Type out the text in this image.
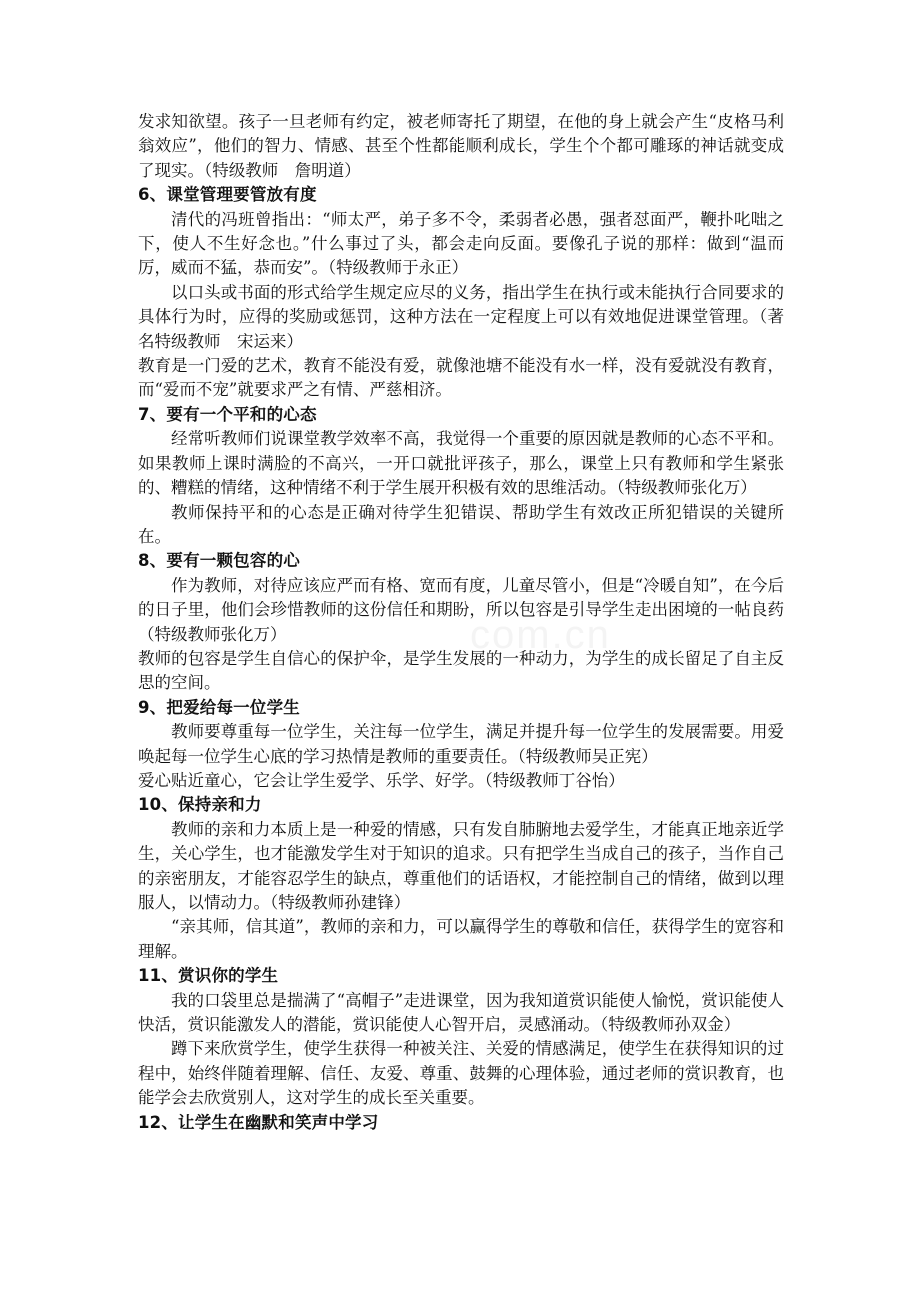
com.cn

发求知欲望。孩子一旦老师有约定，被老师寄托了期望，在他的身上就会产生“皮格马利翁效应”，他们的智力、情感、甚至个性都能顺利成长，学生个个都可雕琢的神话就变成了现实。（特级教师　詹明道）

6、课堂管理要管放有度

清代的冯班曾指出：“师太严，弟子多不令，柔弱者必愚，强者怼面严，鞭扑叱咄之下，使人不生好念也。”什么事过了头，都会走向反面。要像孔子说的那样：做到“温而厉，威而不猛，恭而安”。（特级教师于永正）

以口头或书面的形式给学生规定应尽的义务，指出学生在执行或未能执行合同要求的具体行为时，应得的奖励或惩罚，这种方法在一定程度上可以有效地促进课堂管理。（著名特级教师　宋运来）

教育是一门爱的艺术，教育不能没有爱，就像池塘不能没有水一样，没有爱就没有教育，而“爱而不宠”就要求严之有情、严慈相济。

7、要有一个平和的心态

经常听教师们说课堂教学效率不高，我觉得一个重要的原因就是教师的心态不平和。如果教师上课时满脸的不高兴，一开口就批评孩子，那么，课堂上只有教师和学生紧张的、糟糕的情绪，这种情绪不利于学生展开积极有效的思维活动。（特级教师张化万）

教师保持平和的心态是正确对待学生犯错误、帮助学生有效改正所犯错误的关键所在。

8、要有一颗包容的心

作为教师，对待应该应严而有格、宽而有度，儿童尽管小，但是“冷暖自知”，在今后的日子里，他们会珍惜教师的这份信任和期盼，所以包容是引导学生走出困境的一帖良药（特级教师张化万）

教师的包容是学生自信心的保护伞，是学生发展的一种动力，为学生的成长留足了自主反思的空间。

9、把爱给每一位学生

教师要尊重每一位学生，关注每一位学生，满足并提升每一位学生的发展需要。用爱唤起每一位学生心底的学习热情是教师的重要责任。（特级教师吴正宪）

爱心贴近童心，它会让学生爱学、乐学、好学。（特级教师丁谷怡）

10、保持亲和力

教师的亲和力本质上是一种爱的情感，只有发自肺腑地去爱学生，才能真正地亲近学生，关心学生，也才能激发学生对于知识的追求。只有把学生当成自己的孩子，当作自己的亲密朋友，才能容忍学生的缺点，尊重他们的话语权，才能控制自己的情绪，做到以理服人，以情动力。（特级教师孙建锋）

“亲其师，信其道”，教师的亲和力，可以赢得学生的尊敬和信任，获得学生的宽容和理解。

11、赏识你的学生

我的口袋里总是揣满了“高帽子”走进课堂，因为我知道赏识能使人愉悦，赏识能使人快活，赏识能激发人的潜能，赏识能使人心智开启，灵感涌动。（特级教师孙双金）

蹲下来欣赏学生，使学生获得一种被关注、关爱的情感满足，使学生在获得知识的过程中，始终伴随着理解、信任、友爱、尊重、鼓舞的心理体验，通过老师的赏识教育，也能学会去欣赏别人，这对学生的成长至关重要。

12、让学生在幽默和笑声中学习
